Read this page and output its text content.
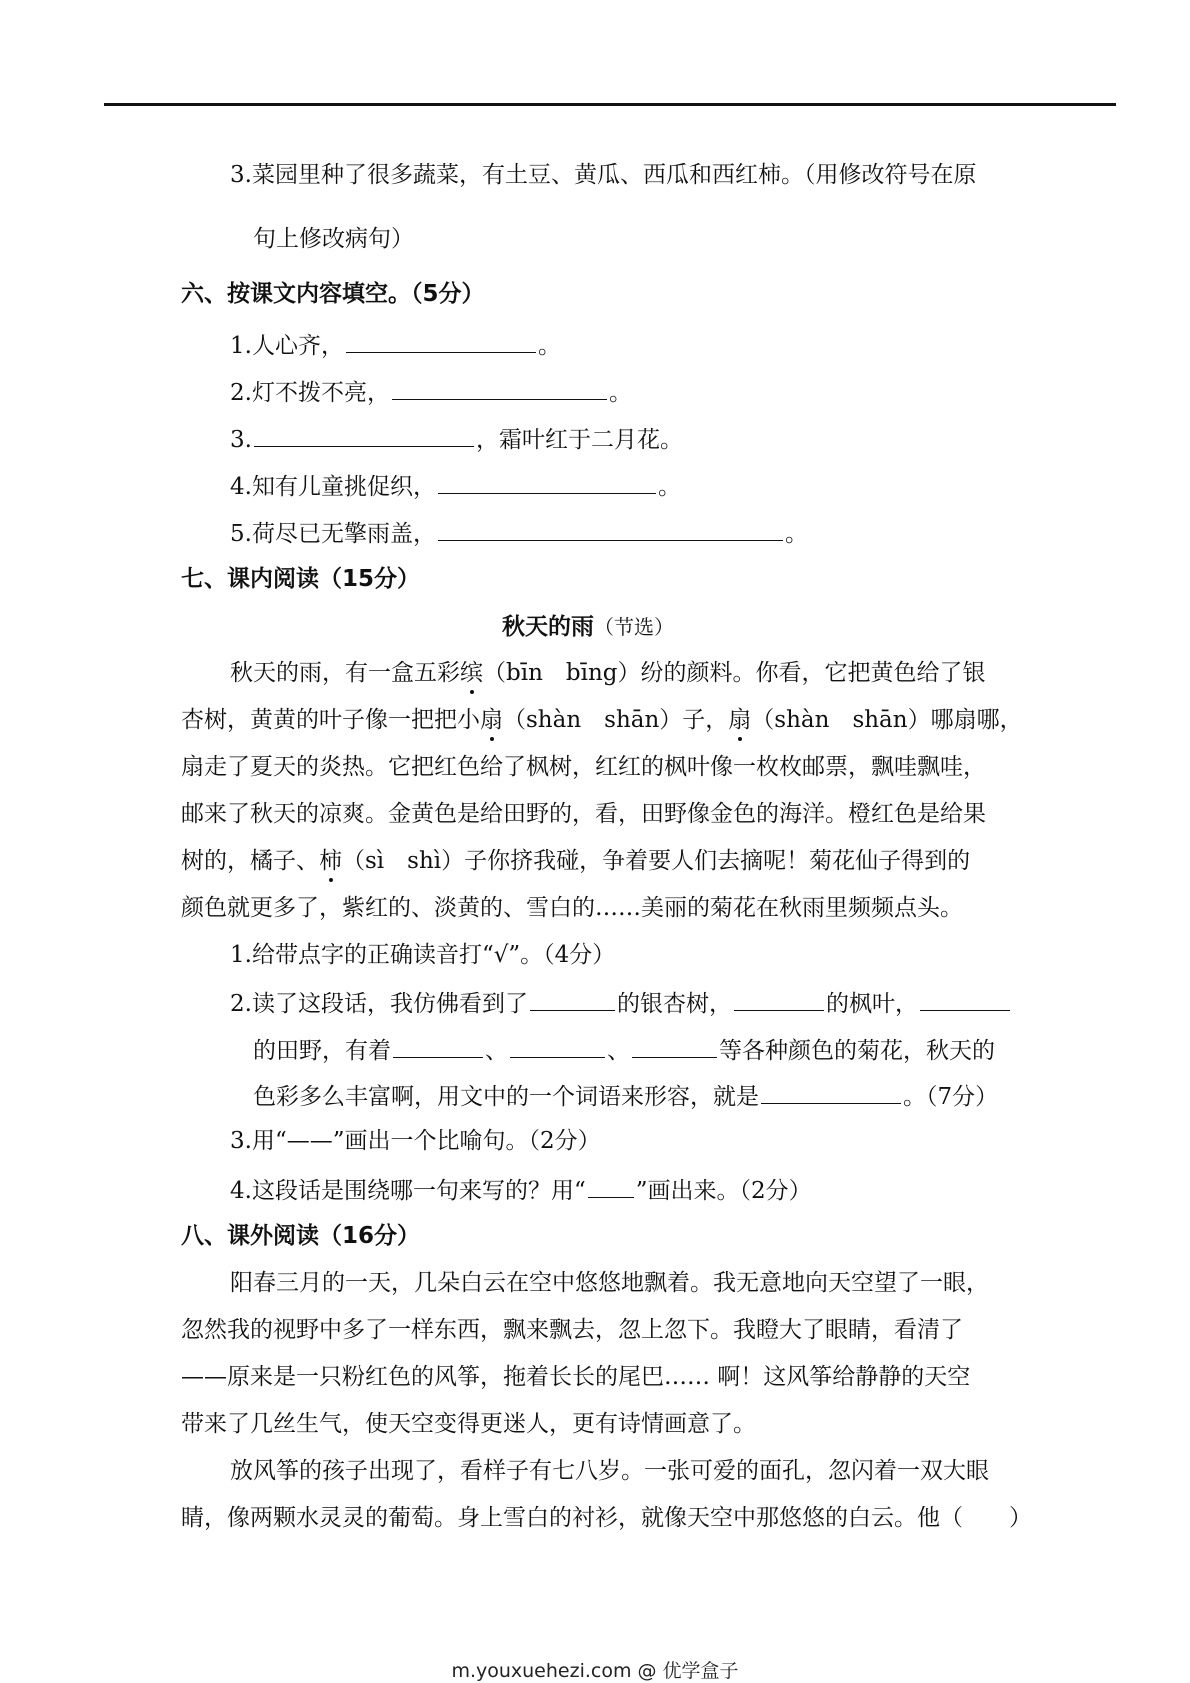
3.菜园里种了很多蔬菜，有土豆、黄瓜、西瓜和西红柿。（用修改符号在原
句上修改病句）
六、按课文内容填空。（5分）
1.人心齐，	。
2.灯不拨不亮，	。
3.	，霜叶红于二月花。
4.知有儿童挑促织，	。
5.荷尽已无擎雨盖，	。
七、课内阅读（15分）
秋天的雨（节选）
秋天的雨，有一盒五彩缤（bīn　bīng）纷的颜料。你看，它把黄色给了银
杏树，黄黄的叶子像一把把小扇（shàn　shān）子，扇（shàn　shān）哪扇哪，
扇走了夏天的炎热。它把红色给了枫树，红红的枫叶像一枚枚邮票，飘哇飘哇，
邮来了秋天的凉爽。金黄色是给田野的，看，田野像金色的海洋。橙红色是给果
树的，橘子、柿（sì　shì）子你挤我碰，争着要人们去摘呢！菊花仙子得到的
颜色就更多了，紫红的、淡黄的、雪白的……美丽的菊花在秋雨里频频点头。
1.给带点字的正确读音打“√”。（4分）
2.读了这段话，我仿佛看到了	的银杏树，	的枫叶，
的田野，有着	、	、	等各种颜色的菊花，秋天的
色彩多么丰富啊，用文中的一个词语来形容，就是	。（7分）
3.用“——”画出一个比喻句。（2分）
4.这段话是围绕哪一句来写的？用“ ”画出来。（2分）
八、课外阅读（16分）
阳春三月的一天，几朵白云在空中悠悠地飘着。我无意地向天空望了一眼，
忽然我的视野中多了一样东西，飘来飘去，忽上忽下。我瞪大了眼睛，看清了
——原来是一只粉红色的风筝，拖着长长的尾巴…… 啊！这风筝给静静的天空
带来了几丝生气，使天空变得更迷人，更有诗情画意了。
放风筝的孩子出现了，看样子有七八岁。一张可爱的面孔，忽闪着一双大眼
睛，像两颗水灵灵的葡萄。身上雪白的衬衫，就像天空中那悠悠的白云。他（　　）
m.youxuehezi.com @ 优学盒子
